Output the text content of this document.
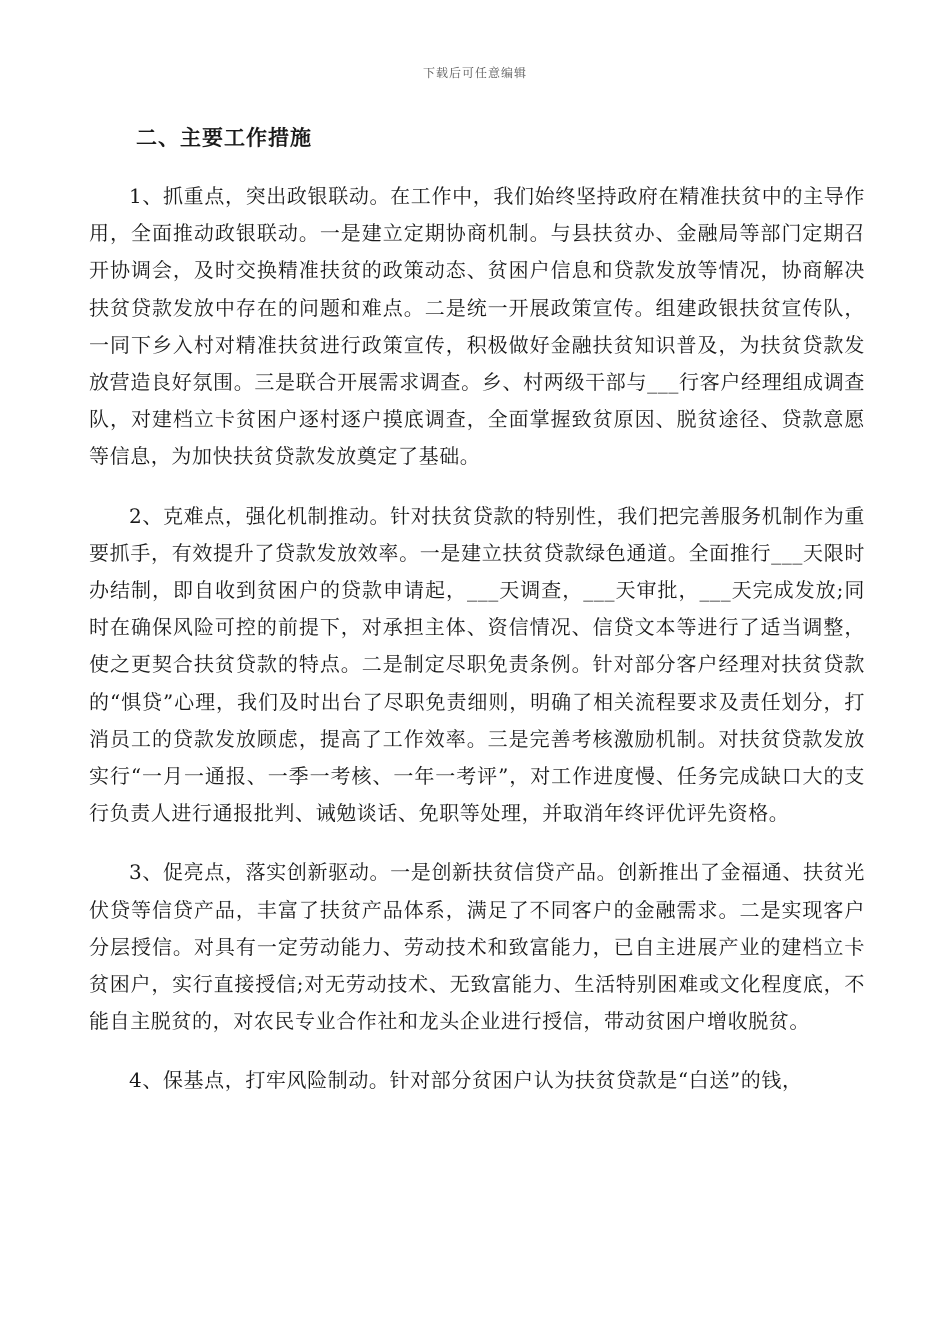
下载后可任意编辑
二、主要工作措施

1、抓重点，突出政银联动。在工作中，我们始终坚持政府在精准扶贫中的主导作用，全面推动政银联动。一是建立定期协商机制。与县扶贫办、金融局等部门定期召开协调会，及时交换精准扶贫的政策动态、贫困户信息和贷款发放等情况，协商解决扶贫贷款发放中存在的问题和难点。二是统一开展政策宣传。组建政银扶贫宣传队，一同下乡入村对精准扶贫进行政策宣传，积极做好金融扶贫知识普及，为扶贫贷款发放营造良好氛围。三是联合开展需求调查。乡、村两级干部与___行客户经理组成调查队，对建档立卡贫困户逐村逐户摸底调查，全面掌握致贫原因、脱贫途径、贷款意愿等信息，为加快扶贫贷款发放奠定了基础。

2、克难点，强化机制推动。针对扶贫贷款的特别性，我们把完善服务机制作为重要抓手，有效提升了贷款发放效率。一是建立扶贫贷款绿色通道。全面推行___天限时办结制，即自收到贫困户的贷款申请起，___天调查，___天审批，___天完成发放;同时在确保风险可控的前提下，对承担主体、资信情况、信贷文本等进行了适当调整，使之更契合扶贫贷款的特点。二是制定尽职免责条例。针对部分客户经理对扶贫贷款的“惧贷”心理，我们及时出台了尽职免责细则，明确了相关流程要求及责任划分，打消员工的贷款发放顾虑，提高了工作效率。三是完善考核激励机制。对扶贫贷款发放实行“一月一通报、一季一考核、一年一考评”，对工作进度慢、任务完成缺口大的支行负责人进行通报批判、诫勉谈话、免职等处理，并取消年终评优评先资格。

3、促亮点，落实创新驱动。一是创新扶贫信贷产品。创新推出了金福通、扶贫光伏贷等信贷产品，丰富了扶贫产品体系，满足了不同客户的金融需求。二是实现客户分层授信。对具有一定劳动能力、劳动技术和致富能力，已自主进展产业的建档立卡贫困户，实行直接授信;对无劳动技术、无致富能力、生活特别困难或文化程度底，不能自主脱贫的，对农民专业合作社和龙头企业进行授信，带动贫困户增收脱贫。

4、保基点，打牢风险制动。针对部分贫困户认为扶贫贷款是“白送”的钱，
